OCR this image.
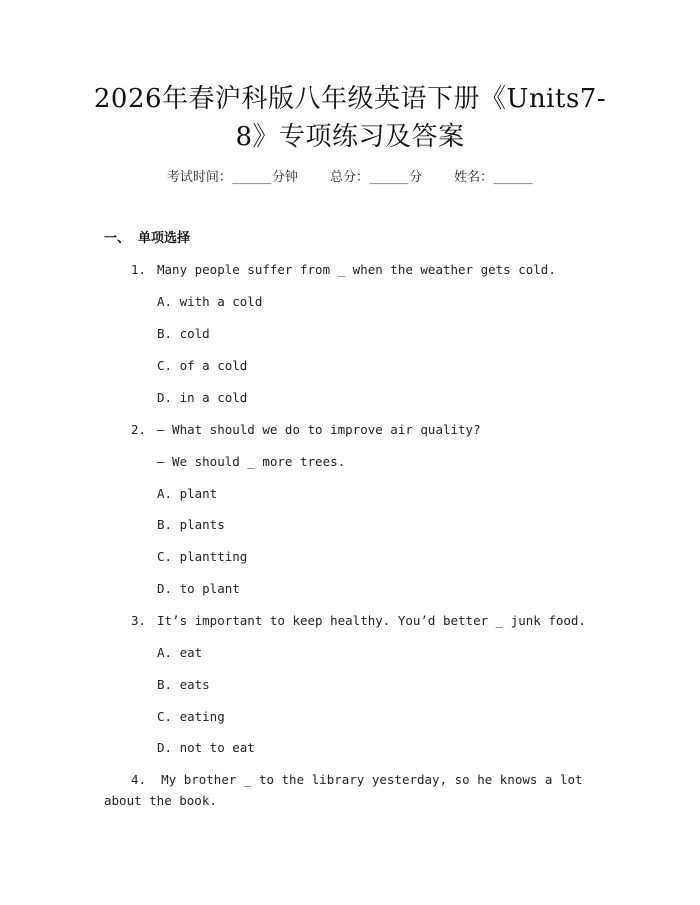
2026年春沪科版八年级英语下册《Units7-
8》专项练习及答案
考试时间：______分钟 总分：______分 姓名：______
一、 单项选择
1. Many people suffer from _ when the weather gets cold.
A. with a cold
B. cold
C. of a cold
D. in a cold
2. — What should we do to improve air quality?
— We should _ more trees.
A. plant
B. plants
C. plantting
D. to plant
3. It’s important to keep healthy. You’d better _ junk food.
A. eat
B. eats
C. eating
D. not to eat
4. My brother _ to the library yesterday, so he knows a lot about the book.
